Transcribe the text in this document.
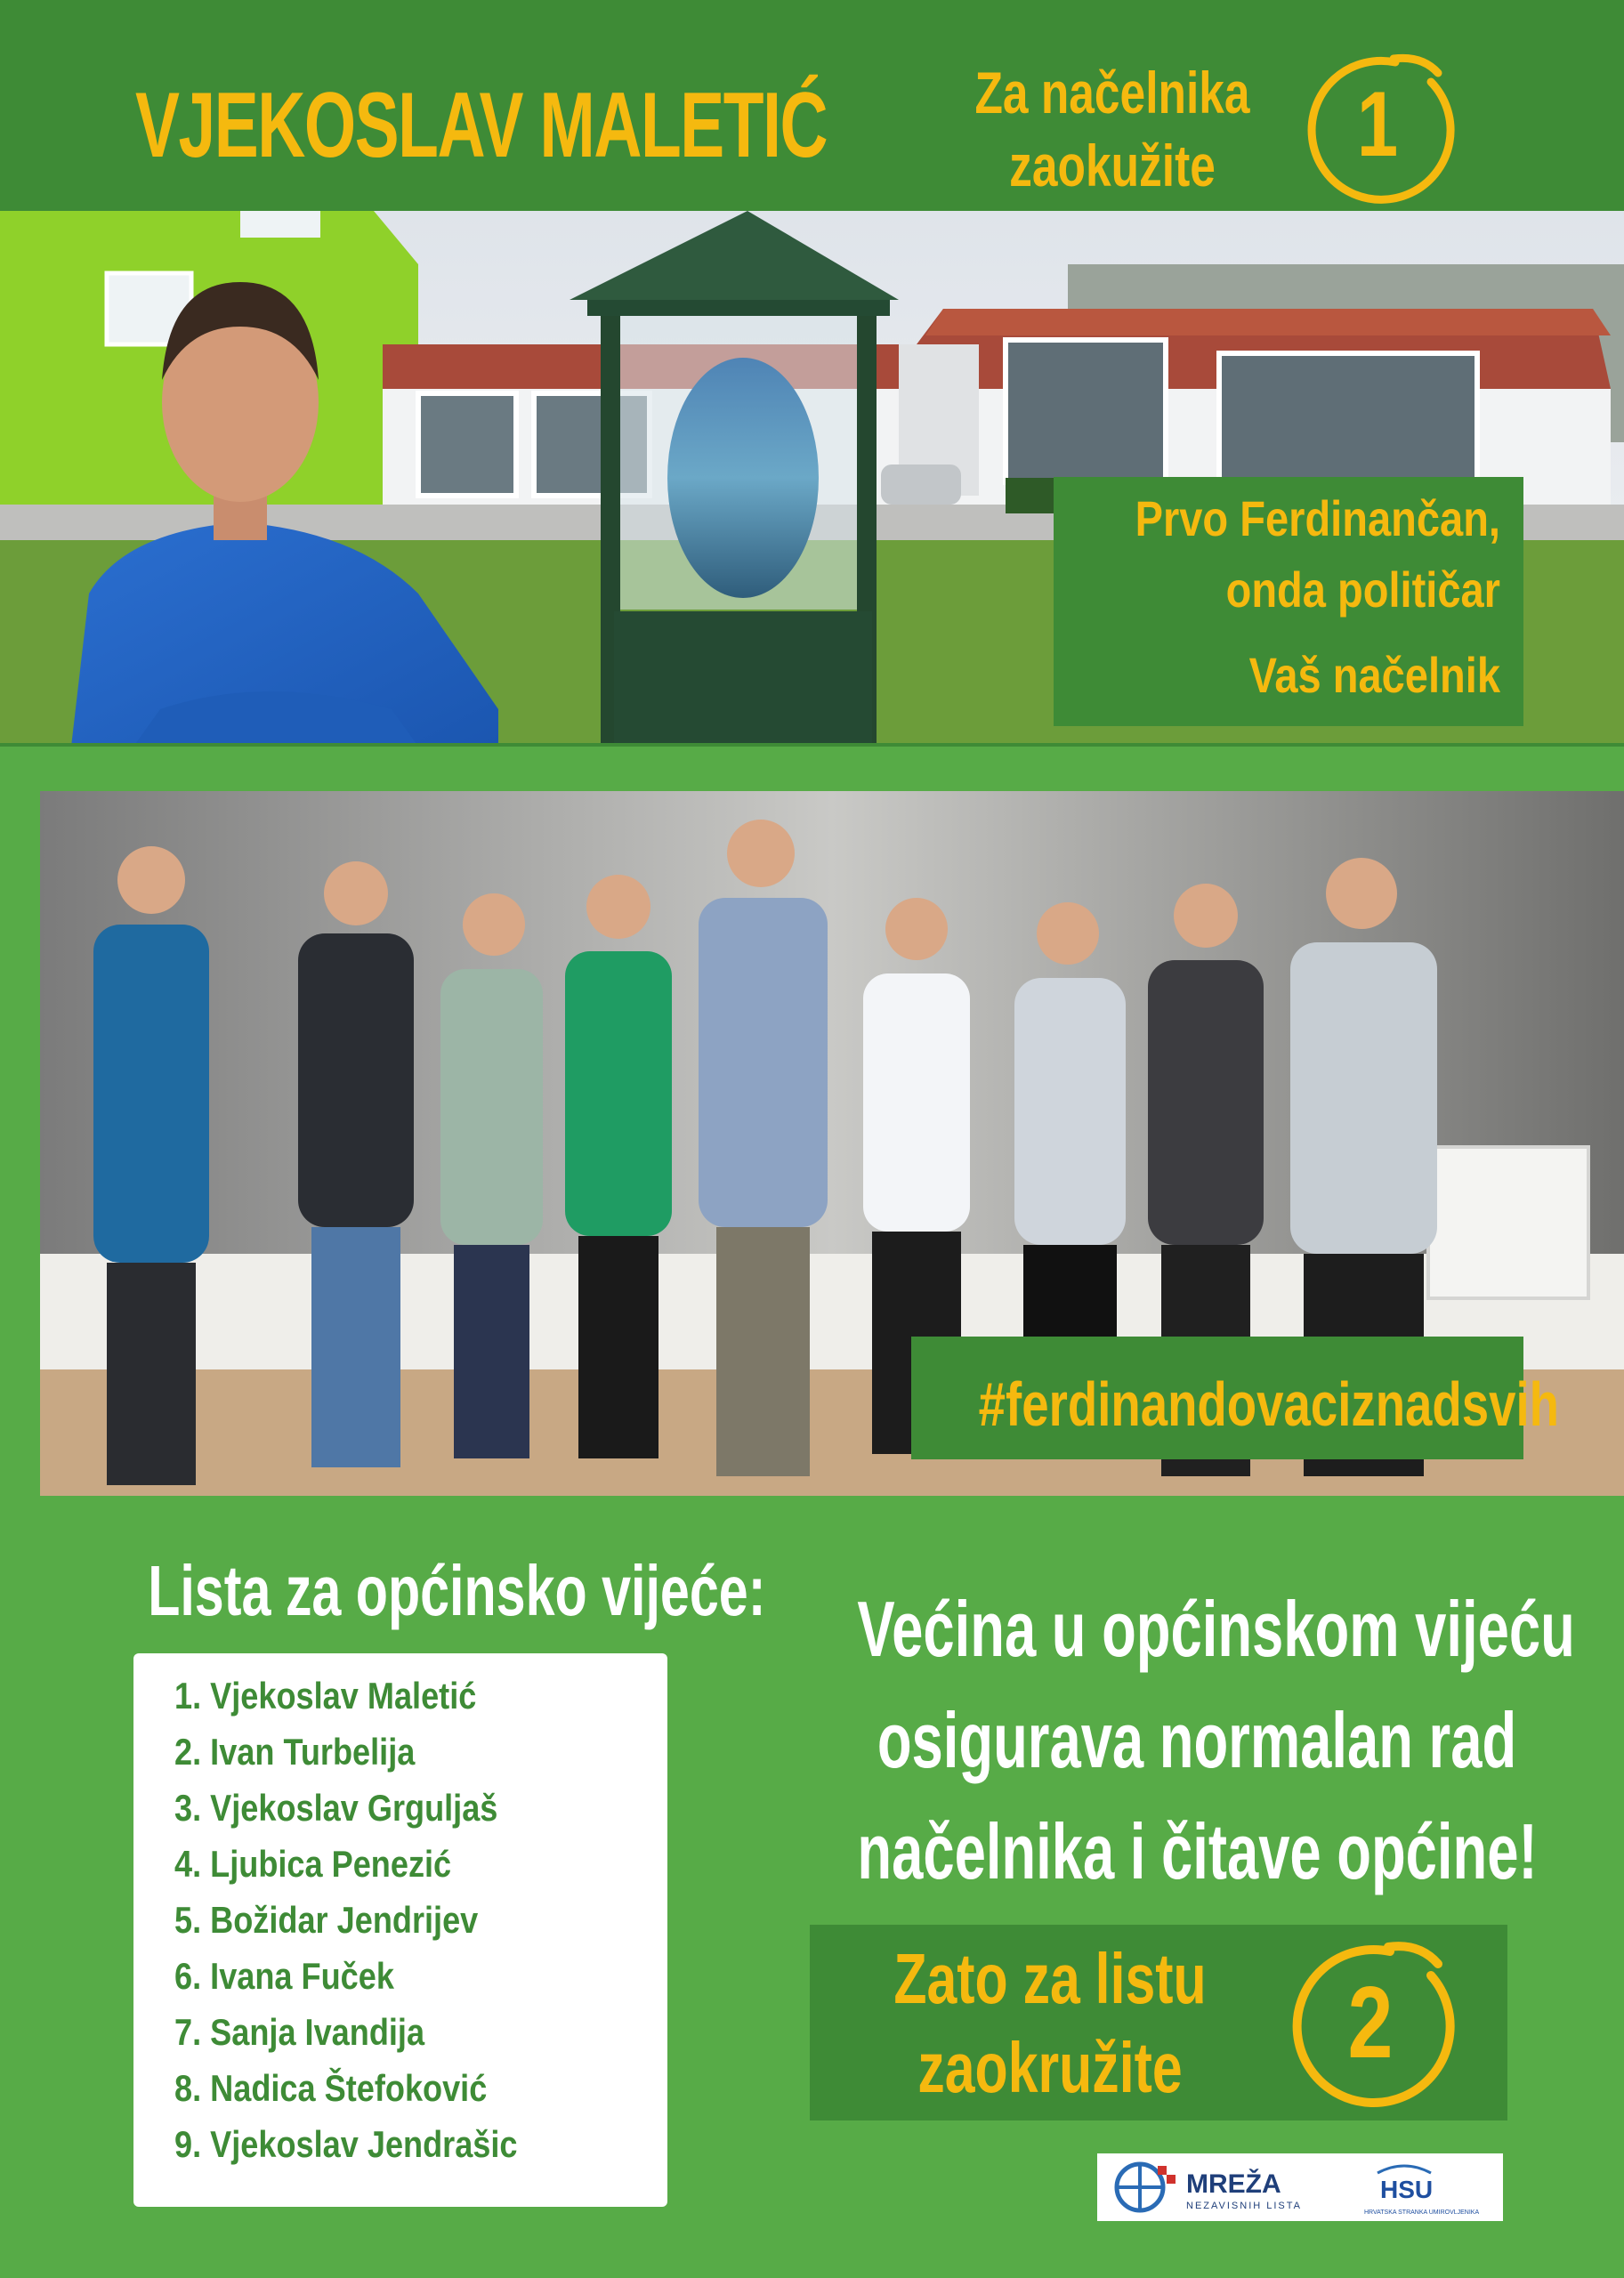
VJEKOSLAV MALETIĆ	Za načelnika
zaokužite	1
Prvo Ferdinančan,
onda političar
Vaš načelnik
#ferdinandovaciznadsvih
Lista za općinsko vijeće:
1. Vjekoslav Maletić
2. Ivan Turbelija
3. Vjekoslav Grguljaš
4. Ljubica Penezić
5. Božidar Jendrijev
6. Ivana Fuček
7. Sanja Ivandija
8. Nadica Štefoković
9. Vjekoslav Jendrašic
Većina u općinskom vijeću
osigurava normalan rad
načelnika i čitave općine!
Zato za listu
zaokružite	2
MREŽA
NEZAVISNIH LISTA
HSU
HRVATSKA STRANKA UMIROVLJENIKA
